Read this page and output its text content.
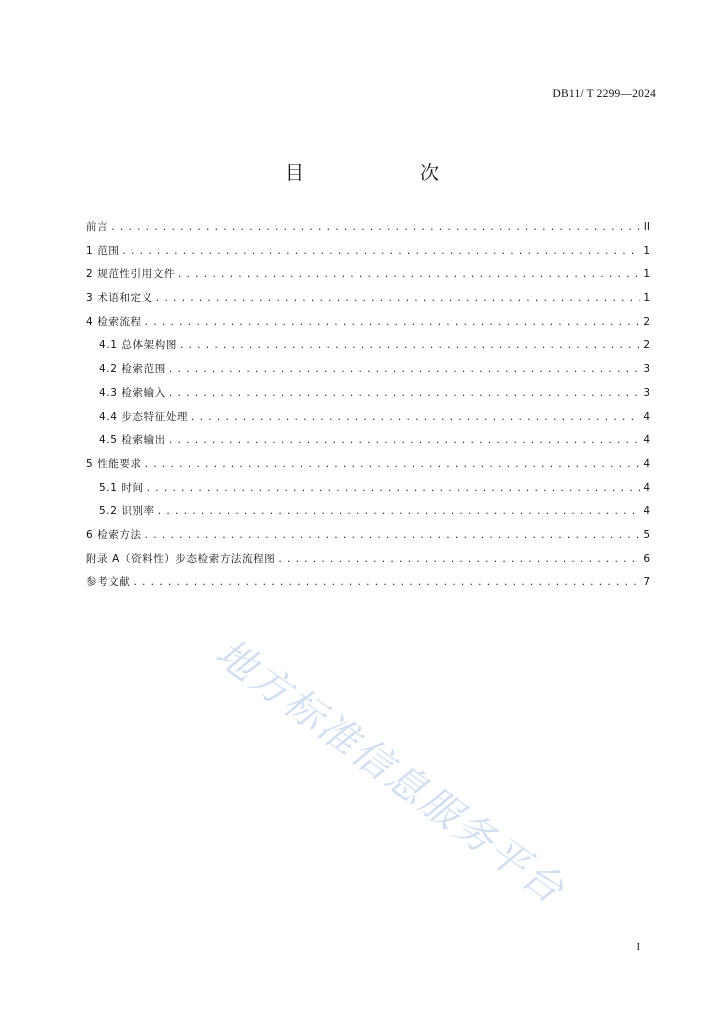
DB11/ T 2299—2024
目　　次
前言 .....	II
1 范围 .....	1
2 规范性引用文件 .....	1
3 术语和定义 .....	1
4 检索流程 .....	2
4.1 总体架构图 .....	2
4.2 检索范围 .....	3
4.3 检索输入 .....	3
4.4 步态特征处理 .....	4
4.5 检索输出 .....	4
5 性能要求 .....	4
5.1 时间 .....	4
5.2 识别率 .....	4
6 检索方法 .....	5
附录 A（资料性）步态检索方法流程图 .....	6
参考文献 .....	7
地方标准信息服务平台
I
